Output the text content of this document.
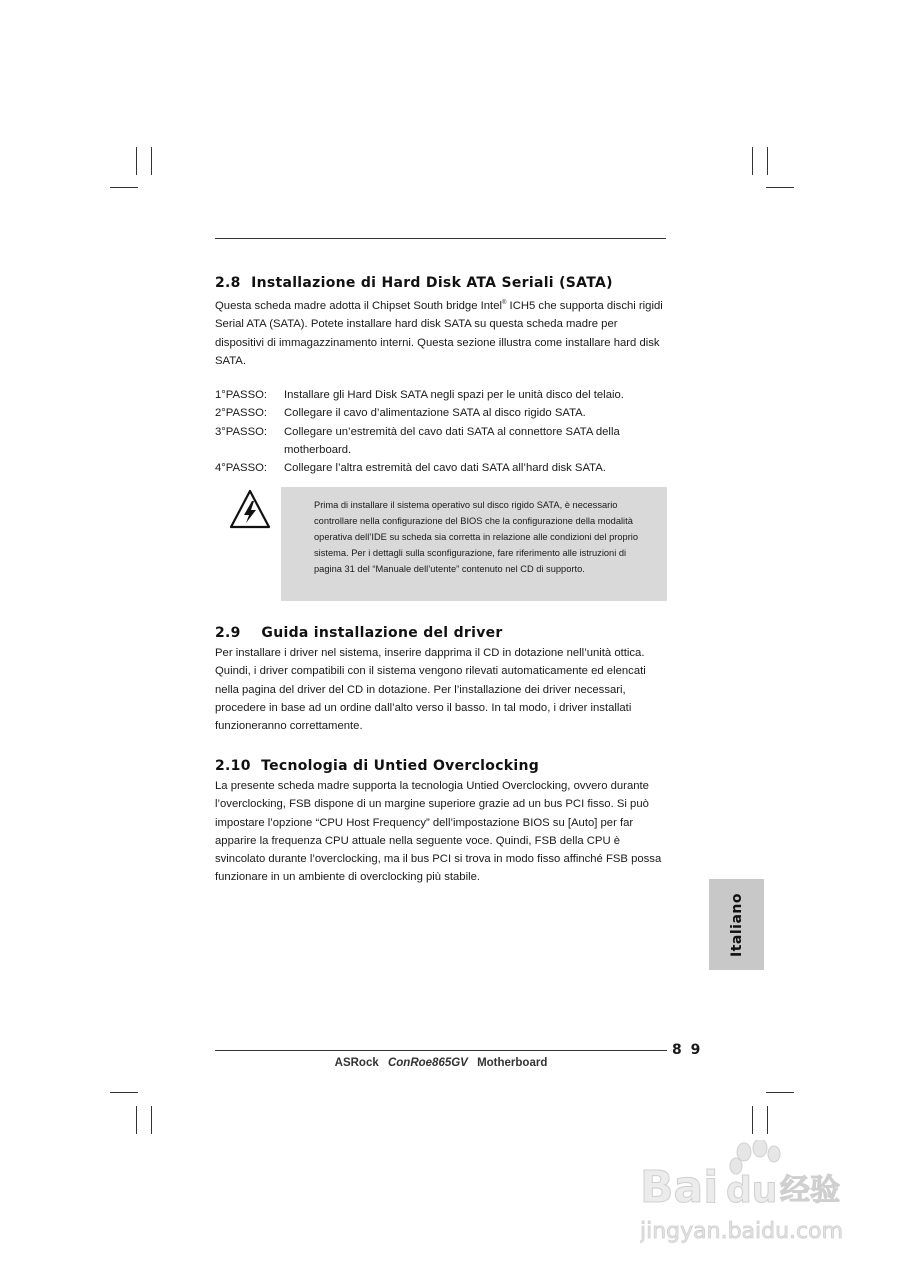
2.8 Installazione di Hard Disk ATA Seriali (SATA)

Questa scheda madre adotta il Chipset South bridge Intel® ICH5 che supporta dischi rigidi Serial ATA (SATA). Potete installare hard disk SATA su questa scheda madre per dispositivi di immagazzinamento interni. Questa sezione illustra come installare hard disk SATA.

1°PASSO:	Installare gli Hard Disk SATA negli spazi per le unità disco del telaio.
2°PASSO:	Collegare il cavo d’alimentazione SATA al disco rigido SATA.
3°PASSO:	Collegare un’estremità del cavo dati SATA al connettore SATA della motherboard.
4°PASSO:	Collegare l’altra estremità del cavo dati SATA all’hard disk SATA.

Prima di installare il sistema operativo sul disco rigido SATA, è necessario controllare nella configurazione del BIOS che la configurazione della modalità operativa dell’IDE su scheda sia corretta in relazione alle condizioni del proprio sistema. Per i dettagli sulla sconfigurazione, fare riferimento alle istruzioni di pagina 31 del “Manuale dell’utente” contenuto nel CD di supporto.

2.9 Guida installazione del driver

Per installare i driver nel sistema, inserire dapprima il CD in dotazione nell’unità ottica. Quindi, i driver compatibili con il sistema vengono rilevati automaticamente ed elencati nella pagina del driver del CD in dotazione. Per l’installazione dei driver necessari, procedere in base ad un ordine dall’alto verso il basso. In tal modo, i driver installati funzioneranno correttamente.

2.10 Tecnologia di Untied Overclocking

La presente scheda madre supporta la tecnologia Untied Overclocking, ovvero durante l’overclocking, FSB dispone di un margine superiore grazie ad un bus PCI fisso. Si può impostare l’opzione “CPU Host Frequency” dell’impostazione BIOS su [Auto] per far apparire la frequenza CPU attuale nella seguente voce. Quindi, FSB della CPU è svincolato durante l’overclocking, ma il bus PCI si trova in modo fisso affinché FSB possa funzionare in un ambiente di overclocking più stabile.

Italiano
8 9
ASRock ConRoe865GV Motherboard
Bai du 经验
jingyan.baidu.com
